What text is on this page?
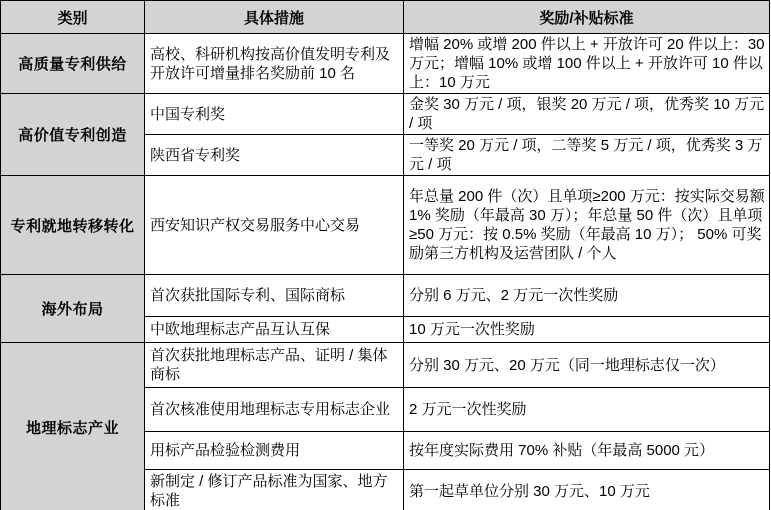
类别	具体措施	奖励/补贴标准
高质量专利供给	高校、科研机构按高价值发明专利及开放许可增量排名奖励前 10 名	增幅 20% 或增 200 件以上 + 开放许可 20 件以上：30 万元；增幅 10% 或增 100 件以上 + 开放许可 10 件以上：10 万元
高价值专利创造	中国专利奖	金奖 30 万元 / 项，银奖 20 万元 / 项，优秀奖 10 万元 / 项
	陕西省专利奖	一等奖 20 万元 / 项，二等奖 5 万元 / 项，优秀奖 3 万元 / 项
专利就地转移转化	西安知识产权交易服务中心交易	年总量 200 件（次）且单项≥200 万元：按实际交易额 1% 奖励（年最高 30 万）；年总量 50 件（次）且单项≥50 万元：按 0.5% 奖励（年最高 10 万）； 50% 可奖励第三方机构及运营团队 / 个人
海外布局	首次获批国际专利、国际商标	分别 6 万元、2 万元一次性奖励
	中欧地理标志产品互认互保	10 万元一次性奖励
地理标志产业	首次获批地理标志产品、证明 / 集体商标	分别 30 万元、20 万元（同一地理标志仅一次）
	首次核准使用地理标志专用标志企业	2 万元一次性奖励
	用标产品检验检测费用	按年度实际费用 70% 补贴（年最高 5000 元）
	新制定 / 修订产品标准为国家、地方标准	第一起草单位分别 30 万元、10 万元
